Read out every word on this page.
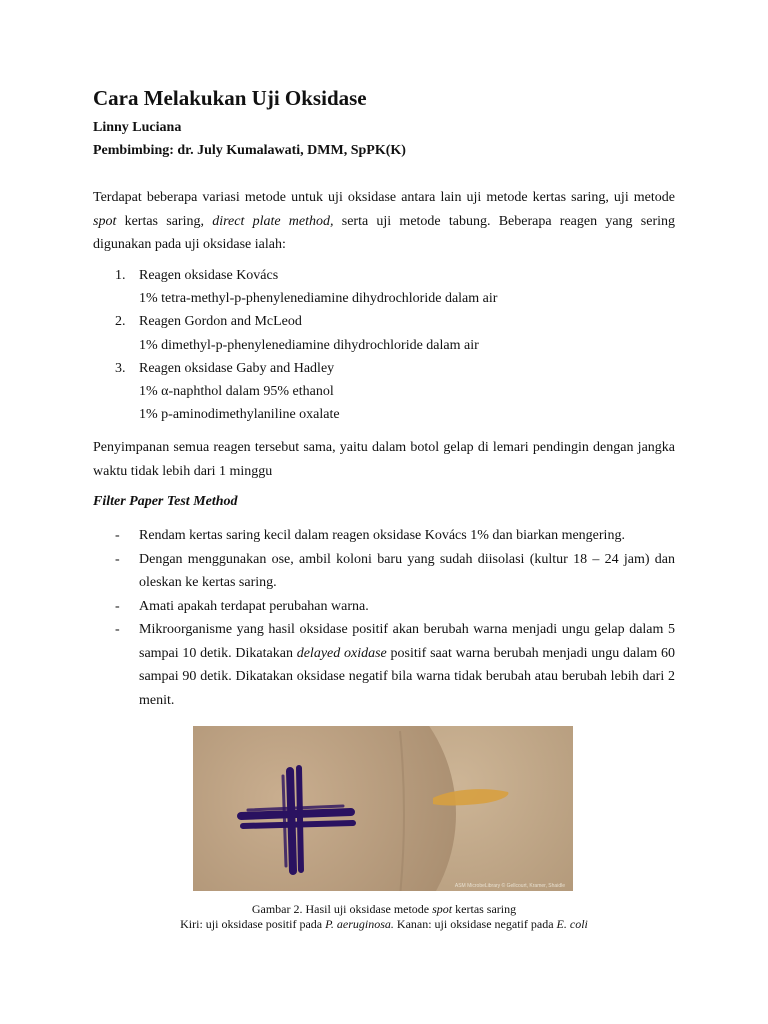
Cara Melakukan Uji Oksidase
Linny Luciana
Pembimbing: dr. July Kumalawati, DMM, SpPK(K)

Terdapat beberapa variasi metode untuk uji oksidase antara lain uji metode kertas saring, uji metode spot kertas saring, direct plate method, serta uji metode tabung. Beberapa reagen yang sering digunakan pada uji oksidase ialah:

1. Reagen oksidase Kovács
1% tetra-methyl-p-phenylenediamine dihydrochloride dalam air
2. Reagen Gordon and McLeod
1% dimethyl-p-phenylenediamine dihydrochloride dalam air
3. Reagen oksidase Gaby and Hadley
1% α-naphthol dalam 95% ethanol
1% p-aminodimethylaniline oxalate

Penyimpanan semua reagen tersebut sama, yaitu dalam botol gelap di lemari pendingin dengan jangka waktu tidak lebih dari 1 minggu

Filter Paper Test Method
- Rendam kertas saring kecil dalam reagen oksidase Kovács 1% dan biarkan mengering.
- Dengan menggunakan ose, ambil koloni baru yang sudah diisolasi (kultur 18 – 24 jam) dan oleskan ke kertas saring.
- Amati apakah terdapat perubahan warna.
- Mikroorganisme yang hasil oksidase positif akan berubah warna menjadi ungu gelap dalam 5 sampai 10 detik. Dikatakan delayed oxidase positif saat warna berubah menjadi ungu dalam 60 sampai 90 detik. Dikatakan oksidase negatif bila warna tidak berubah atau berubah lebih dari 2 menit.
ASM MicrobeLibrary © Gellcourt, Kramer, Shaidle
Gambar 2. Hasil uji oksidase metode spot kertas saring
Kiri: uji oksidase positif pada P. aeruginosa. Kanan: uji oksidase negatif pada E. coli
